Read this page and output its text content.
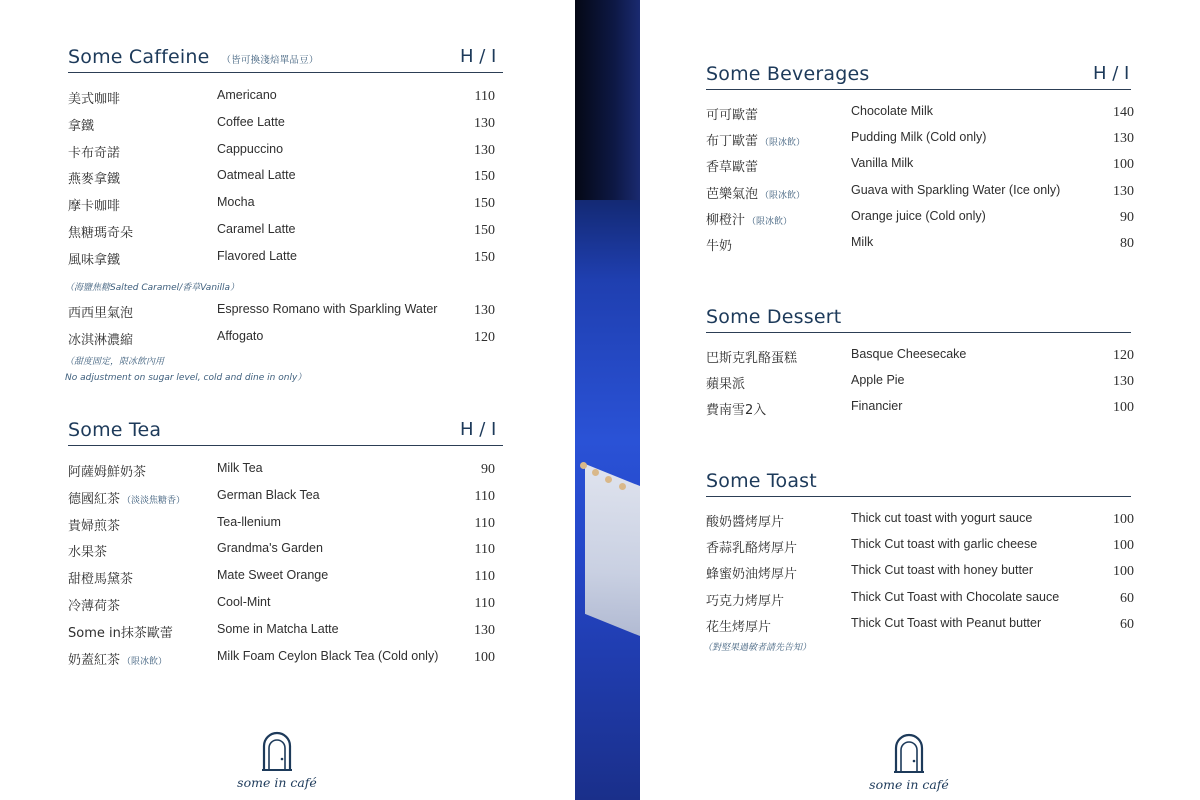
Some Caffeine （皆可換淺焙單品豆）	H / I
美式咖啡	Americano	110
拿鐵	Coffee Latte	130
卡布奇諾	Cappuccino	130
燕麥拿鐵	Oatmeal Latte	150
摩卡咖啡	Mocha	150
焦糖瑪奇朵	Caramel Latte	150
風味拿鐵	Flavored Latte	150
（海鹽焦糖Salted Caramel/香草Vanilla）
西西里氣泡	Espresso Romano with Sparkling Water	130
冰淇淋濃縮	Affogato	120
（甜度固定，限冰飲內用
No adjustment on sugar level, cold and dine in only）
Some Tea	H / I
阿薩姆鮮奶茶	Milk Tea	90
德國紅茶 （淡淡焦糖香）	German Black Tea	110
貴婦煎茶	Tea-llenium	110
水果茶	Grandma's Garden	110
甜橙馬黛茶	Mate Sweet Orange	110
冷薄荷茶	Cool-Mint	110
Some in抹茶歐蕾	Some in Matcha Latte	130
奶蓋紅茶 （限冰飲）	Milk Foam Ceylon Black Tea (Cold only)	100
some in café
Some Beverages	H / I
可可歐蕾	Chocolate Milk	140
布丁歐蕾 （限冰飲）	Pudding Milk (Cold only)	130
香草歐蕾	Vanilla Milk	100
芭樂氣泡 （限冰飲）	Guava with Sparkling Water (Ice only)	130
柳橙汁 （限冰飲）	Orange juice (Cold only)	90
牛奶	Milk	80
Some Dessert
巴斯克乳酪蛋糕	Basque Cheesecake	120
蘋果派	Apple Pie	130
費南雪2入	Financier	100
Some Toast
酸奶醬烤厚片	Thick cut toast with yogurt sauce	100
香蒜乳酪烤厚片	Thick Cut toast with garlic cheese	100
蜂蜜奶油烤厚片	Thick Cut toast with honey butter	100
巧克力烤厚片	Thick Cut Toast with Chocolate sauce	60
花生烤厚片	Thick Cut Toast with Peanut butter	60
（對堅果過敏者請先告知）
some in café
